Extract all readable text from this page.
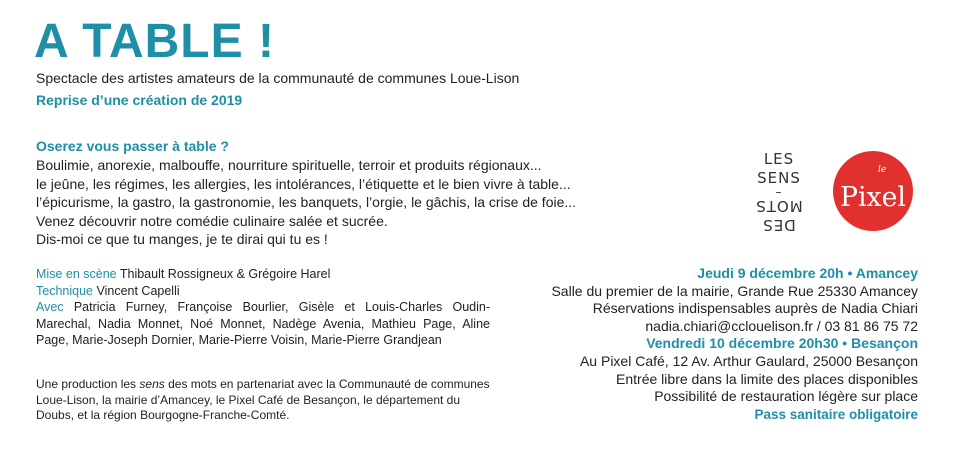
A TABLE !
Spectacle des artistes amateurs de la communauté de communes Loue-Lison
Reprise d’une création de 2019
Oserez vous passer à table ?
Boulimie, anorexie, malbouffe, nourriture spirituelle, terroir et produits régionaux...
le jeûne, les régimes, les allergies, les intolérances, l’étiquette et le bien vivre à table...
l’épicurisme, la gastro, la gastronomie, les banquets, l’orgie, le gâchis, la crise de foie...
Venez découvrir notre comédie culinaire salée et sucrée.
Dis-moi ce que tu manges, je te dirai qui tu es !
Mise en scène Thibault Rossigneux & Grégoire Harel
Technique Vincent Capelli
Avec Patricia Furney, Françoise Bourlier, Gisèle et Louis-Charles Oudin-Marechal, Nadia Monnet, Noé Monnet, Nadège Avenia, Mathieu Page, Aline Page, Marie-Joseph Dornier, Marie-Pierre Voisin, Marie-Pierre Grandjean
Une production les sens des mots en partenariat avec la Communauté de communes Loue-Lison, la mairie d’Amancey, le Pixel Café de Besançon, le département du Doubs, et la région Bourgogne-Franche-Comté.
LES
SENS
–
MOTS
DES
le
Pixel
Jeudi 9 décembre 20h • Amancey
Salle du premier de la mairie, Grande Rue 25330 Amancey
Réservations indispensables auprès de Nadia Chiari
nadia.chiari@cclouelison.fr / 03 81 86 75 72
Vendredi 10 décembre 20h30 • Besançon
Au Pixel Café, 12 Av. Arthur Gaulard, 25000 Besançon
Entrée libre dans la limite des places disponibles
Possibilité de restauration légère sur place
Pass sanitaire obligatoire
